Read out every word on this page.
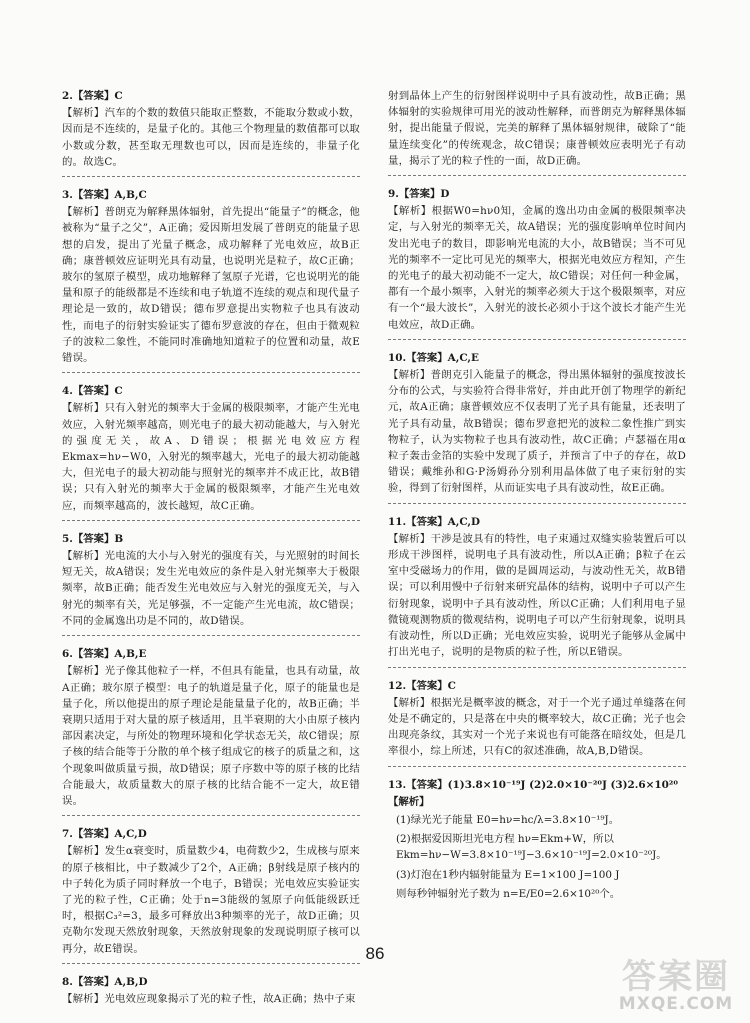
2.【答案】C

【解析】汽车的个数的数值只能取正整数，不能取分数或小数，因而是不连续的，是量子化的。其他三个物理量的数值都可以取小数或分数，甚至取无理数也可以，因而是连续的，非量子化的。故选C。

3.【答案】A,B,C

【解析】普朗克为解释黑体辐射，首先提出“能量子”的概念，他被称为“量子之父”，A正确；爱因斯坦发展了普朗克的能量子思想的启发，提出了光量子概念，成功解释了光电效应，故B正确；康普顿效应证明光具有动量，也说明光是粒子，故C正确；玻尔的氢原子模型，成功地解释了氢原子光谱，它也说明光的能量和原子的能级都是不连续和电子轨道不连续的观点和现代量子理论是一致的，故D错误；德布罗意提出实物粒子也具有波动性，而电子的衍射实验证实了德布罗意波的存在，但由于微观粒子的波粒二象性，不能同时准确地知道粒子的位置和动量，故E错误。

4.【答案】C

【解析】只有入射光的频率大于金属的极限频率，才能产生光电效应，入射光频率越高，则光电子的最大初动能越大，与入射光的强度无关，故A、D错误；根据光电效应方程 Ekmax=hν−W0，入射光的频率越大，光电子的最大初动能越大，但光电子的最大初动能与照射光的频率并不成正比，故B错误；只有入射光的频率大于金属的极限频率，才能产生光电效应，而频率越高的，波长越短，故C正确。

5.【答案】B

【解析】光电流的大小与入射光的强度有关，与光照射的时间长短无关，故A错误；发生光电效应的条件是入射光频率大于极限频率，故B正确；能否发生光电效应与入射光的强度无关，与入射光的频率有关，光足够强，不一定能产生光电流，故C错误；不同的金属逸出功是不同的，故D错误。

6.【答案】A,B,E

【解析】光子像其他粒子一样，不但具有能量，也具有动量，故A正确；玻尔原子模型：电子的轨道是量子化，原子的能量也是量子化，所以他提出的原子理论是能量量子化的，故B正确；半衰期只适用于对大量的原子核适用，且半衰期的大小由原子核内部因素决定，与所处的物理环境和化学状态无关，故C错误；原子核的结合能等于分散的单个核子组成它的核子的质量之和，这个现象叫做质量亏损，故D错误；原子序数中等的原子核的比结合能最大，故质量数大的原子核的比结合能不一定大，故E错误。

7.【答案】A,C,D

【解析】发生α衰变时，质量数少4，电荷数少2，生成核与原来的原子核相比，中子数减少了2个，A正确；β射线是原子核内的中子转化为质子同时释放一个电子，B错误；光电效应实验证实了光的粒子性，C正确；处于n=3能级的氢原子向低能级跃迁时，根据C₃²=3，最多可释放出3种频率的光子，故D正确；贝克勒尔发现天然放射现象，天然放射现象的发现说明原子核可以再分，故E错误。

8.【答案】A,B,D

【解析】光电效应现象揭示了光的粒子性，故A正确；热中子束

射到晶体上产生的衍射图样说明中子具有波动性，故B正确；黑体辐射的实验规律可用光的波动性解释，而普朗克为解释黑体辐射，提出能量子假说，完美的解释了黑体辐射规律，破除了“能量连续变化”的传统观念，故C错误；康普顿效应表明光子有动量，揭示了光的粒子性的一面，故D正确。

9.【答案】D

【解析】根据W0=hν0知，金属的逸出功由金属的极限频率决定，与入射光的频率无关，故A错误；光的强度影响单位时间内发出光电子的数目，即影响光电流的大小，故B错误；当不可见光的频率不一定比可见光的频率大，根据光电效应方程知，产生的光电子的最大初动能不一定大，故C错误；对任何一种金属，都有一个最小频率，入射光的频率必须大于这个极限频率，对应有一个“最大波长”，入射光的波长必须小于这个波长才能产生光电效应，故D正确。

10.【答案】A,C,E

【解析】普朗克引入能量子的概念，得出黑体辐射的强度按波长分布的公式，与实验符合得非常好，并由此开创了物理学的新纪元，故A正确；康普顿效应不仅表明了光子具有能量，还表明了光子具有动量，故B错误；德布罗意把光的波粒二象性推广到实物粒子，认为实物粒子也具有波动性，故C正确；卢瑟福在用α粒子轰击金箔的实验中发现了质子，并预言了中子的存在，故D错误；戴维孙和G·P汤姆孙分别利用晶体做了电子束衍射的实验，得到了衍射图样，从而证实电子具有波动性，故E正确。

11.【答案】A,C,D

【解析】干涉是波具有的特性，电子束通过双缝实验装置后可以形成干涉图样，说明电子具有波动性，所以A正确；β粒子在云室中受磁场力的作用，做的是圆周运动，与波动性无关，故B错误；可以利用慢中子衍射来研究晶体的结构，说明中子可以产生衍射现象，说明中子具有波动性，所以C正确；人们利用电子显微镜观测物质的微观结构，说明电子可以产生衍射现象，说明具有波动性，所以D正确；光电效应实验，说明光子能够从金属中打出光电子，说明的是物质的粒子性，所以E错误。

12.【答案】C

【解析】根据光是概率波的概念，对于一个光子通过单缝落在何处是不确定的，只是落在中央的概率较大，故C正确；光子也会出现亮条纹，其实对一个光子来说也有可能落在暗纹处，但是几率很小，综上所述，只有C的叙述准确，故A,B,D错误。

13.【答案】(1)3.8×10⁻¹⁹J (2)2.0×10⁻²⁰J (3)2.6×10²⁰
【解析】

(1)绿光光子能量 E0=hν=hc/λ=3.8×10⁻¹⁹J。

(2)根据爱因斯坦光电方程 hν=Ekm+W，所以 Ekm=hν−W=3.8×10⁻¹⁹J−3.6×10⁻¹⁹J=2.0×10⁻²⁰J。

(3)灯泡在1秒内辐射能量为 E=1×100 J=100 J

则每秒钟辐射光子数为 n=E/E0=2.6×10²⁰个。

86
答案圈
MXQE.COM
